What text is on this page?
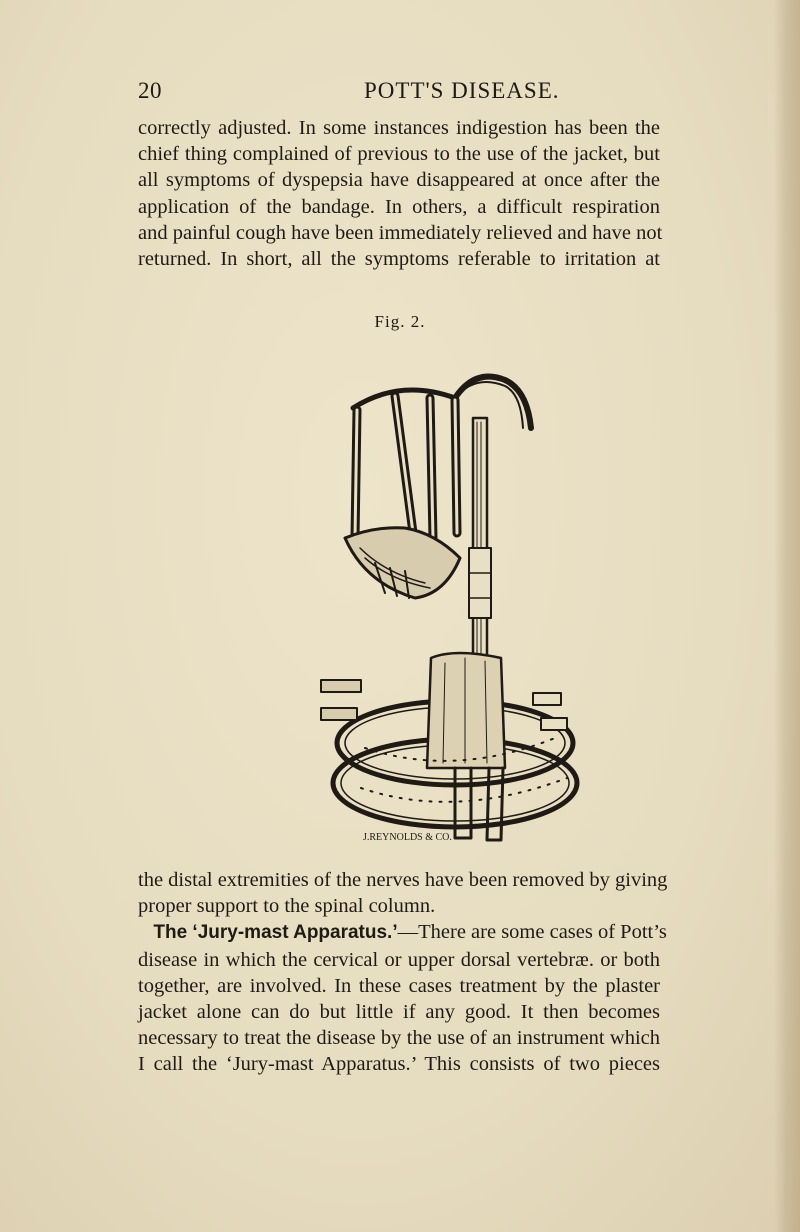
20	POTT'S DISEASE.
correctly adjusted. In some instances indigestion has been the
chief thing complained of previous to the use of the jacket, but
all symptoms of dyspepsia have disappeared at once after the
application of the bandage. In others, a difficult respiration
and painful cough have been immediately relieved and have not
returned. In short, all the symptoms referable to irritation at
Fig. 2.
J.REYNOLDS & CO.
the distal extremities of the nerves have been removed by giving
proper support to the spinal column.
The ‘Jury-mast Apparatus.’—There are some cases of Pott’s
disease in which the cervical or upper dorsal vertebræ. or both
together, are involved. In these cases treatment by the plaster
jacket alone can do but little if any good. It then becomes
necessary to treat the disease by the use of an instrument which
I call the ‘Jury-mast Apparatus.’ This consists of two pieces
